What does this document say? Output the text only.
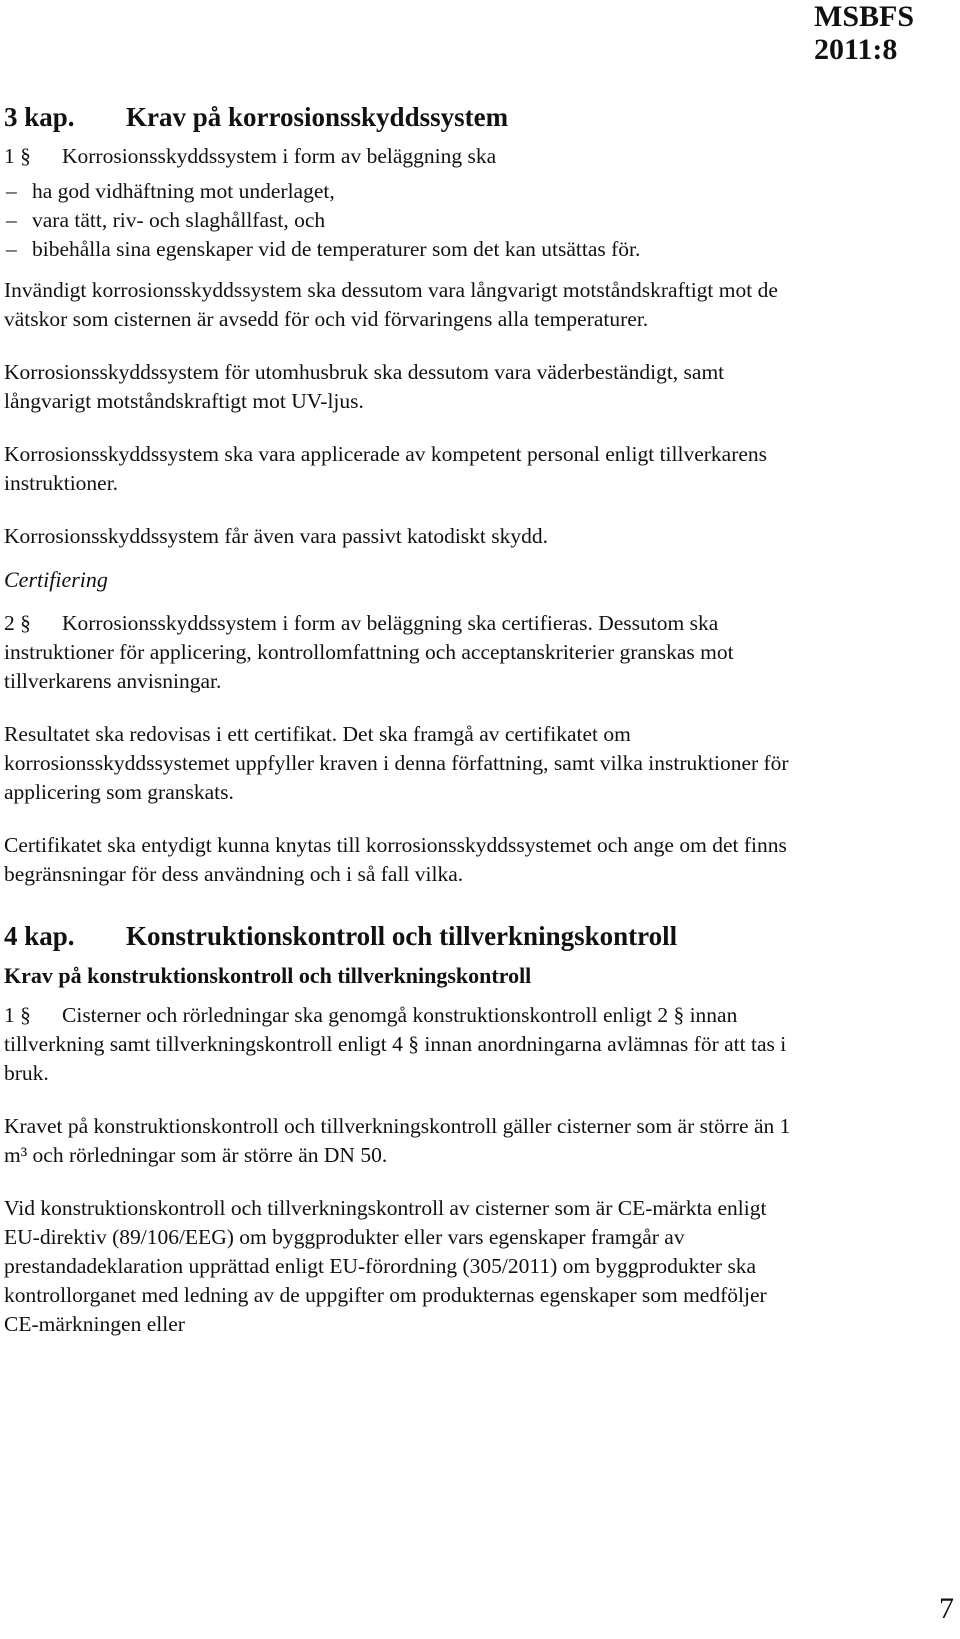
MSBFS
2011:8
3 kap. Krav på korrosionsskyddssystem

1 § Korrosionsskyddssystem i form av beläggning ska

– ha god vidhäftning mot underlaget,
– vara tätt, riv- och slaghållfast, och
– bibehålla sina egenskaper vid de temperaturer som det kan utsättas för.

Invändigt korrosionsskyddssystem ska dessutom vara långvarigt motståndskraftigt mot de vätskor som cisternen är avsedd för och vid förvaringens alla temperaturer.

Korrosionsskyddssystem för utomhusbruk ska dessutom vara väderbeständigt, samt långvarigt motståndskraftigt mot UV-ljus.

Korrosionsskyddssystem ska vara applicerade av kompetent personal enligt tillverkarens instruktioner.

Korrosionsskyddssystem får även vara passivt katodiskt skydd.

Certifiering

2 § Korrosionsskyddssystem i form av beläggning ska certifieras. Dessutom ska instruktioner för applicering, kontrollomfattning och acceptanskriterier granskas mot tillverkarens anvisningar.

Resultatet ska redovisas i ett certifikat. Det ska framgå av certifikatet om korrosionsskyddssystemet uppfyller kraven i denna författning, samt vilka instruktioner för applicering som granskats.

Certifikatet ska entydigt kunna knytas till korrosionsskyddssystemet och ange om det finns begränsningar för dess användning och i så fall vilka.

4 kap. Konstruktionskontroll och tillverkningskontroll
Krav på konstruktionskontroll och tillverkningskontroll

1 § Cisterner och rörledningar ska genomgå konstruktionskontroll enligt 2 § innan tillverkning samt tillverkningskontroll enligt 4 § innan anordningarna avlämnas för att tas i bruk.

Kravet på konstruktionskontroll och tillverkningskontroll gäller cisterner som är större än 1 m³ och rörledningar som är större än DN 50.

Vid konstruktionskontroll och tillverkningskontroll av cisterner som är CE-märkta enligt EU-direktiv (89/106/EEG) om byggprodukter eller vars egenskaper framgår av prestandadeklaration upprättad enligt EU-förordning (305/2011) om byggprodukter ska kontrollorganet med ledning av de uppgifter om produkternas egenskaper som medföljer CE-märkningen eller

7
